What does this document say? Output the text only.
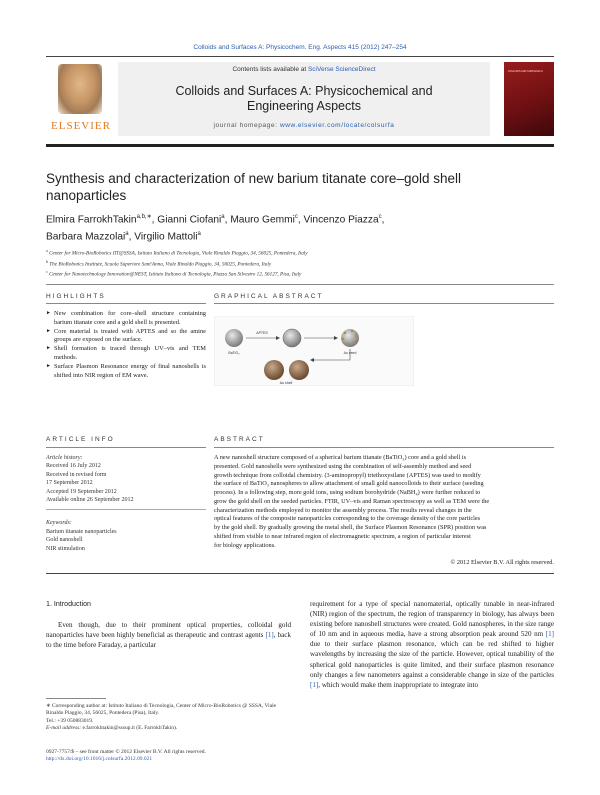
Colloids and Surfaces A: Physicochem. Eng. Aspects 415 (2012) 247–254
ELSEVIER
Contents lists available at SciVerse ScienceDirect
Colloids and Surfaces A: Physicochemical and
Engineering Aspects
journal homepage: www.elsevier.com/locate/colsurfa
COLLOIDS AND SURFACES A
Synthesis and characterization of new barium titanate core–gold shell
nanoparticles
Elmira FarrokhTakin$^{a,b,∗}$, Gianni Ciofani$^a$, Mauro Gemmi$^c$, Vincenzo Piazza$^c$,
Barbara Mazzolai$^a$, Virgilio Mattoli$^a$
$^a$ Center for Micro-BioRobotics IIT@SSSA, Istituto Italiano di Tecnologia, Viale Rinaldo Piaggio, 34, 56025, Pontedera, Italy
$^b$ The BioRobotics Institute, Scuola Superiore Sant'Anna, Viale Rinaldo Piaggio, 34, 56025, Pontedera, Italy
$^c$ Center for Nanotechnology Innovation@NEST, Istituto Italiano di Tecnologia, Piazza San Silvestro 12, 56127, Pisa, Italy
HIGHLIGHTS	GRAPHICAL ABSTRACT
► New combination for core–shell structure containing barium titanate core and a gold shell is presented.
► Core material is treated with APTES and so the amine groups are exposed on the surface.
► Shell formation is traced through UV–vis and TEM methods.
► Surface Plasmon Resonance energy of final nanoshells is shifted into NIR region of EM wave.
BaTiO₃
APTES
Au seed
Au shell
ARTICLE INFO	ABSTRACT
Article history:
Received 16 July 2012
Received in revised form
17 September 2012
Accepted 19 September 2012
Available online 26 September 2012
Keywords:
Barium titanate nanoparticles
Gold nanoshell
NIR stimulation
A new nanoshell structure composed of a spherical barium titanate (BaTiO₃) core and a gold shell is
presented. Gold nanoshells were synthesized using the combination of self-assembly method and seed
growth technique from colloidal chemistry. (3-aminopropyl) triethoxysilane (APTES) was used to modify
the surface of BaTiO₃ nanospheres to allow attachment of small gold nanocolloids to their surface (seeding
process). In a following step, more gold ions, using sodium borohydride (NaBH₄) were further reduced to
grow the gold shell on the seeded particles. FTIR, UV–vis and Raman spectroscopy as well as TEM were the
characterization methods employed to monitor the assembly process. The results reveal changes in the
optical features of the composite nanoparticles corresponding to the coverage density of the core particles
by the gold shell. By gradually growing the metal shell, the Surface Plasmon Resonance (SPR) position was
shifted from visible to near infrared region of electromagnetic spectrum, a region of particular interest
for biology applications.
© 2012 Elsevier B.V. All rights reserved.
1. Introduction
Even though, due to their prominent optical properties, colloidal gold nanoparticles have been highly beneficial as therapeutic and contrast agents [1], back to the time before Faraday, a particular
requirement for a type of special nanomaterial, optically tunable in near-infrared (NIR) region of the spectrum, the region of transparency in biology, has always been existing before nanoshell structures were created. Gold nanospheres, in the size range of 10 nm and in aqueous media, have a strong absorption peak around 520 nm [1] due to their surface plasmon resonance, which can be red shifted to higher wavelengths by increasing the size of the particle. However, optical tunability of the spherical gold nanoparticles is quite limited, and their surface plasmon resonance only changes a few nanometers against a considerable change in size of the particles [1], which would make them inappropriate to integrate into
∗ Corresponding author at: Istituto Italiano di Tecnologia, Center of Micro-BioRobotics @ SSSA, Viale Rinaldo Piaggio, 34, 56025, Pontedera (Pisa), Italy.
Tel.: +39 050883019.
E-mail address: e.farrokhtakin@sssup.it (E. FarrokhTakin).
0927-7757/$ – see front matter © 2012 Elsevier B.V. All rights reserved.
http://dx.doi.org/10.1016/j.colsurfa.2012.09.021
